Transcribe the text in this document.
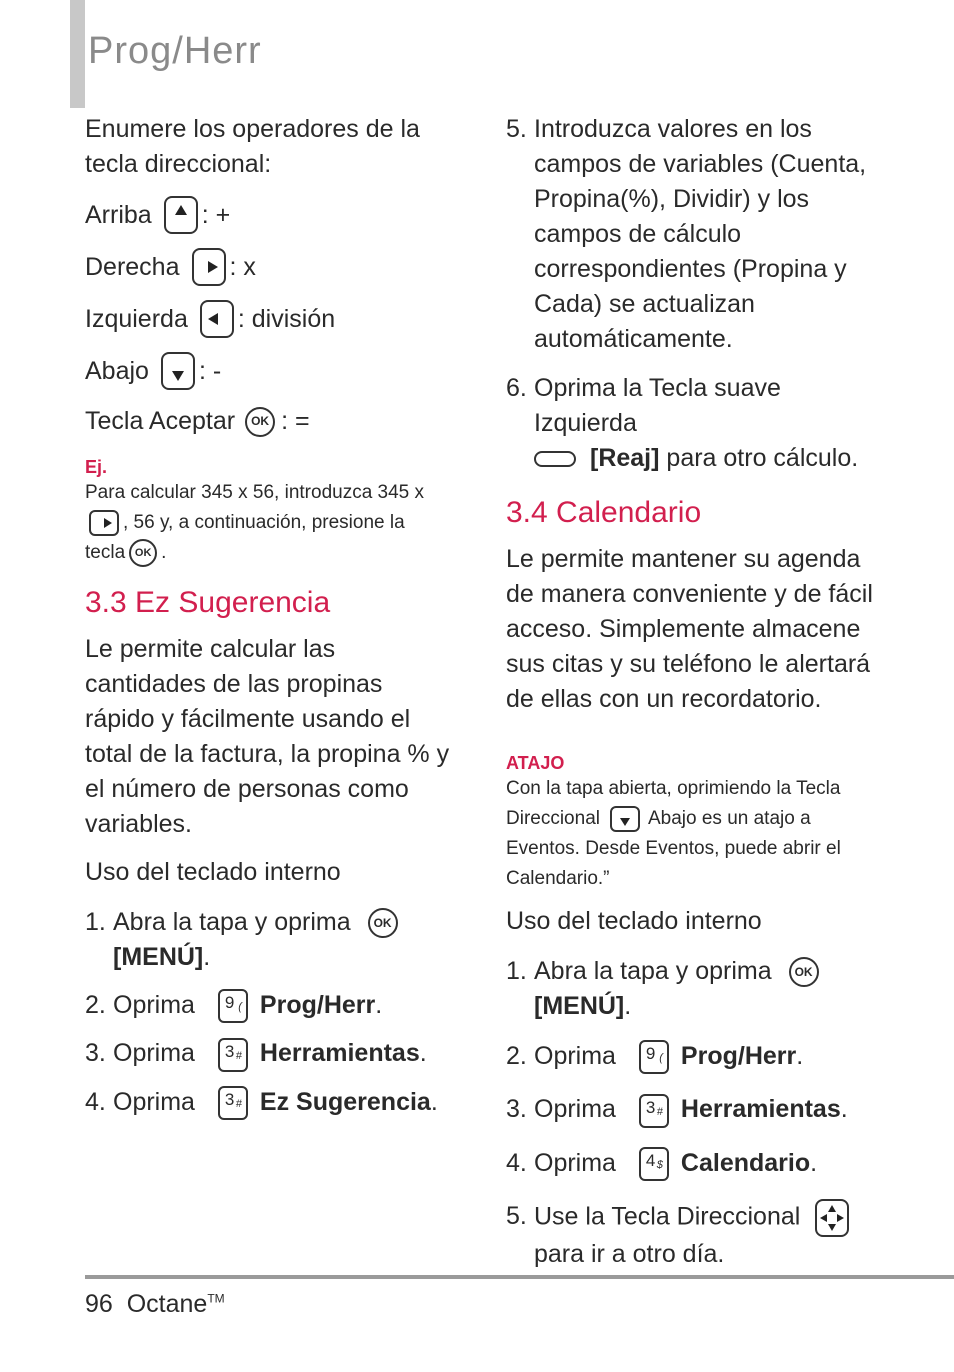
Prog/Herr

Enumere los operadores de la tecla direccional:

Arriba : +
Derecha : x
Izquierda : división
Abajo : -
Tecla Aceptar	OK : =

Ej.

Para calcular 345 x 56, introduzca 345 x

, 56 y, a continuación, presione la

tecla OK .

3.3 Ez Sugerencia

Le permite calcular las cantidades de las propinas rápido y fácilmente usando el total de la factura, la propina % y el número de personas como variables.

Uso del teclado interno

1. Abra la tapa y oprima OK
[MENÚ].
2. Oprima 9 ( Prog/Herr.
3. Oprima 3 # Herramientas.
4. Oprima 3 # Ez Sugerencia.
5. Introduzca valores en los campos de variables (Cuenta, Propina(%), Dividir) y los campos de cálculo correspondientes (Propina y Cada) se actualizan automáticamente.
6. Oprima la Tecla suave Izquierda
[Reaj] para otro cálculo.
3.4 Calendario

Le permite mantener su agenda de manera conveniente y de fácil acceso. Simplemente almacene sus citas y su teléfono le alertará de ellas con un recordatorio.

ATAJO

Con la tapa abierta, oprimiendo la Tecla

Direccional	Abajo es un atajo a

Eventos. Desde Eventos, puede abrir el

Calendario.”

Uso del teclado interno

1. Abra la tapa y oprima OK
[MENÚ].
2. Oprima 9 ( Prog/Herr.
3. Oprima 3 # Herramientas.
4. Oprima 4 $ Calendario.
5. Use la Tecla Direccional

para ir a otro día.
96 Octane™
